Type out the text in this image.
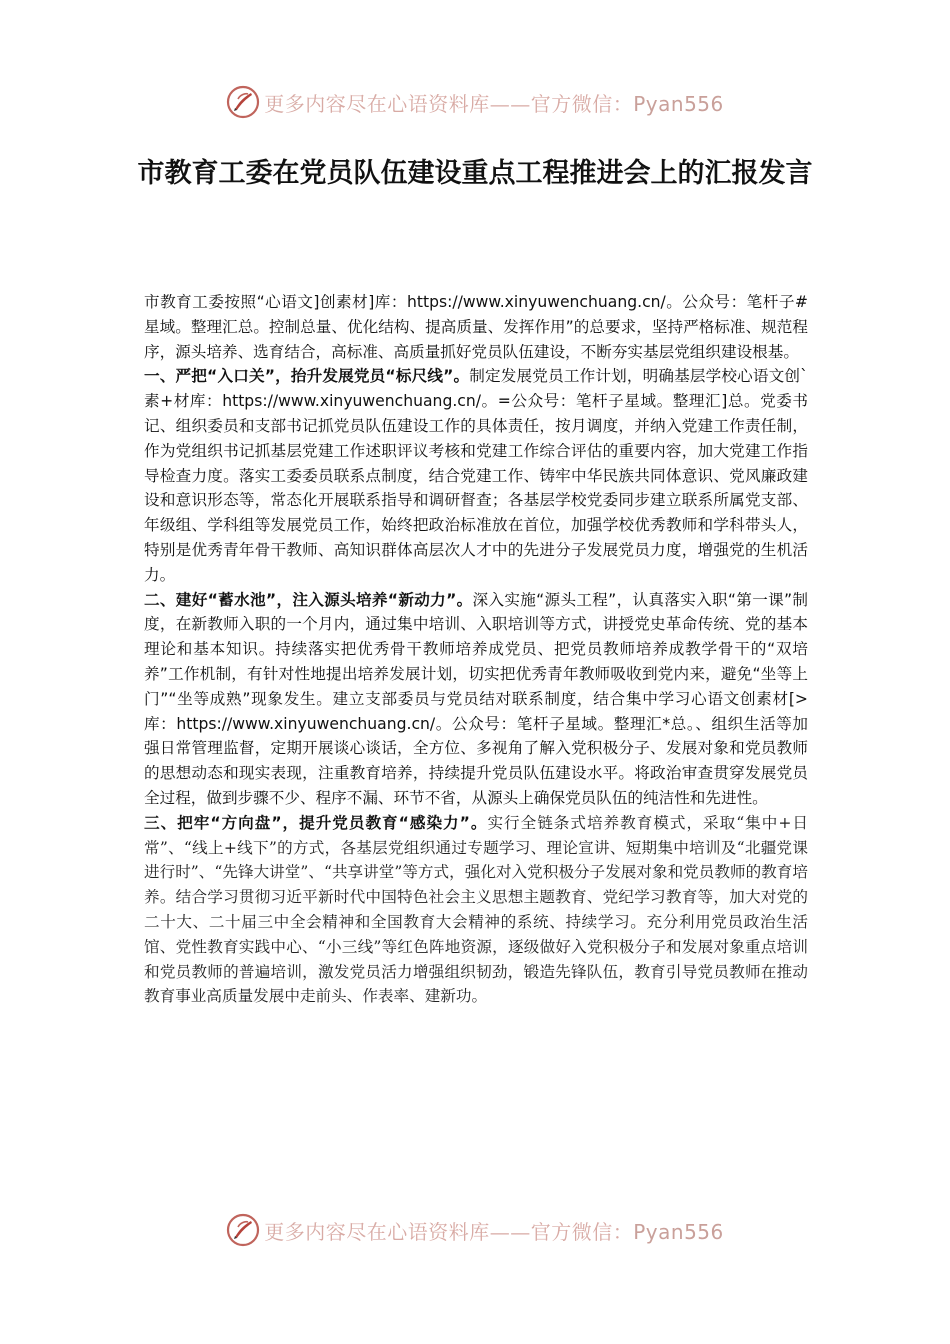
更多内容尽在心语资料库——官方微信：Pyan556
市教育工委在党员队伍建设重点工程推进会上的汇报发言

市教育工委按照“心语文]创素材]库：https://www.xinyuwenchuang.cn/。公众号：笔杆子#星域。整理汇总。控制总量、优化结构、提高质量、发挥作用”的总要求，坚持严格标准、规范程序，源头培养、选育结合，高标准、高质量抓好党员队伍建设，不断夯实基层党组织建设根基。

一、严把“入口关”，抬升发展党员“标尺线”。制定发展党员工作计划，明确基层学校心语文创`素+材库：https://www.xinyuwenchuang.cn/。=公众号：笔杆子星域。整理汇]总。党委书记、组织委员和支部书记抓党员队伍建设工作的具体责任，按月调度，并纳入党建工作责任制，作为党组织书记抓基层党建工作述职评议考核和党建工作综合评估的重要内容，加大党建工作指导检查力度。落实工委委员联系点制度，结合党建工作、铸牢中华民族共同体意识、党风廉政建设和意识形态等，常态化开展联系指导和调研督查；各基层学校党委同步建立联系所属党支部、年级组、学科组等发展党员工作，始终把政治标准放在首位，加强学校优秀教师和学科带头人，特别是优秀青年骨干教师、高知识群体高层次人才中的先进分子发展党员力度，增强党的生机活力。

二、建好“蓄水池”，注入源头培养“新动力”。深入实施“源头工程”，认真落实入职“第一课”制度，在新教师入职的一个月内，通过集中培训、入职培训等方式，讲授党史革命传统、党的基本理论和基本知识。持续落实把优秀骨干教师培养成党员、把党员教师培养成教学骨干的“双培养”工作机制，有针对性地提出培养发展计划，切实把优秀青年教师吸收到党内来，避免“坐等上门”“坐等成熟”现象发生。建立支部委员与党员结对联系制度，结合集中学习心语文创素材[>库：https://www.xinyuwenchuang.cn/。公众号：笔杆子星域。整理汇*总。、组织生活等加强日常管理监督，定期开展谈心谈话，全方位、多视角了解入党积极分子、发展对象和党员教师的思想动态和现实表现，注重教育培养，持续提升党员队伍建设水平。将政治审查贯穿发展党员全过程，做到步骤不少、程序不漏、环节不省，从源头上确保党员队伍的纯洁性和先进性。

三、把牢“方向盘”，提升党员教育“感染力”。实行全链条式培养教育模式，采取“集中+日常”、“线上+线下”的方式，各基层党组织通过专题学习、理论宣讲、短期集中培训及“北疆党课进行时”、“先锋大讲堂”、“共享讲堂”等方式，强化对入党积极分子发展对象和党员教师的教育培养。结合学习贯彻习近平新时代中国特色社会主义思想主题教育、党纪学习教育等，加大对党的二十大、二十届三中全会精神和全国教育大会精神的系统、持续学习。充分利用党员政治生活馆、党性教育实践中心、“小三线”等红色阵地资源，逐级做好入党积极分子和发展对象重点培训和党员教师的普遍培训，激发党员活力增强组织韧劲，锻造先锋队伍，教育引导党员教师在推动教育事业高质量发展中走前头、作表率、建新功。

更多内容尽在心语资料库——官方微信：Pyan556
